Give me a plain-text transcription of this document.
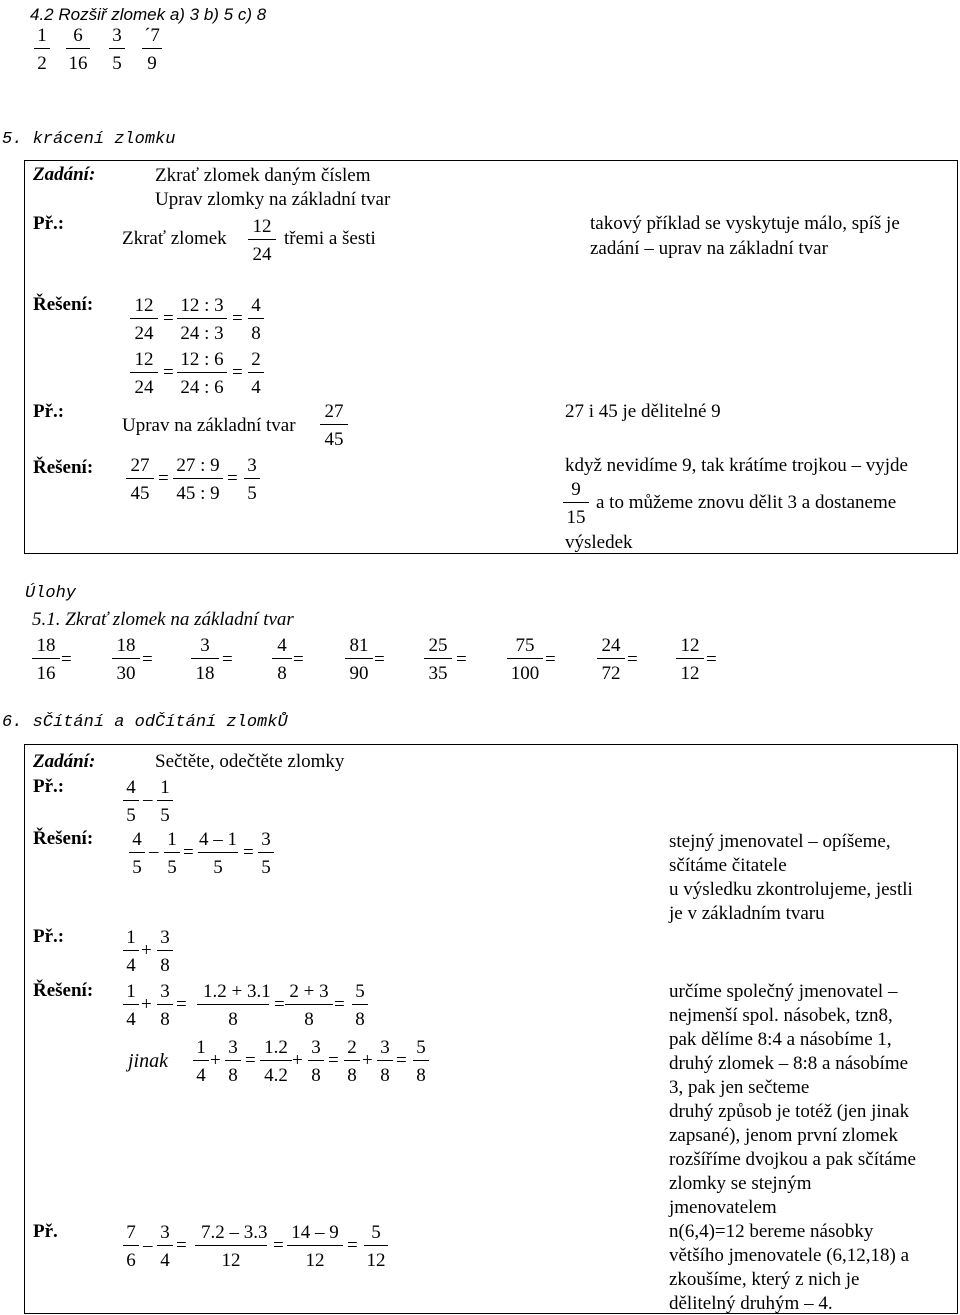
4.2 Rozšiř zlomek a) 3 b) 5 c) 8
1
2
6
16
3
5
´7
9
5. krácení zlomku
Zadání:	Zkrať zlomek daným číslem
Uprav zlomky na základní tvar
Př.:
Zkrať zlomek
12
24
třemi a šesti
takový příklad se vyskytuje málo, spíš je
zadání – uprav na základní tvar
Řešení:	12
24
=
12 : 3
24 : 3
=
4
8
12
24
=
12 : 6
24 : 6
=
2
4
Př.:
Uprav na základní tvar
27
45
27 i 45 je dělitelné 9
Řešení:	27
45
=
27 : 9
45 : 9
=
3
5
když nevidíme 9, tak krátíme trojkou – vyjde
9
15
a to můžeme znovu dělit 3 a dostaneme
výsledek
Úlohy
5.1. Zkrať zlomek na základní tvar
18
16
=
18
30
=
3
18
=
4
8
=
81
90
=
25
35
=
75
100
=
24
72
=
12
12
=
6. sČítání a odČítání zlomkŮ
Zadání:	Sečtěte, odečtěte zlomky
Př.:	4
5
–
1
5
Řešení:	4
5
–
1
5
=
4 – 1
5
=
3
5
stejný jmenovatel – opíšeme,
sčítáme čitatele
u výsledku zkontrolujeme, jestli
je v základním tvaru
Př.:	1
4
+
3
8
Řešení:	1
4
+
3
8
=
1.2 + 3.1
8
=
2 + 3
8
=
5
8
jinak
1
4
+
3
8
=
1.2
4.2
+
3
8
=
2
8
+
3
8
=
5
8
určíme společný jmenovatel –
nejmenší spol. násobek, tzn8,
pak dělíme 8:4 a násobíme 1,
druhý zlomek – 8:8 a násobíme
3, pak jen sečteme
druhý způsob je totéž (jen jinak
zapsané), jenom první zlomek
rozšíříme dvojkou a pak sčítáme
zlomky se stejným
jmenovatelem
n(6,4)=12 bereme násobky
většího jmenovatele (6,12,18) a
zkoušíme, který z nich je
dělitelný druhým – 4.
Př.	7
6
–
3
4
=
7.2 – 3.3
12
=
14 – 9
12
=
5
12
